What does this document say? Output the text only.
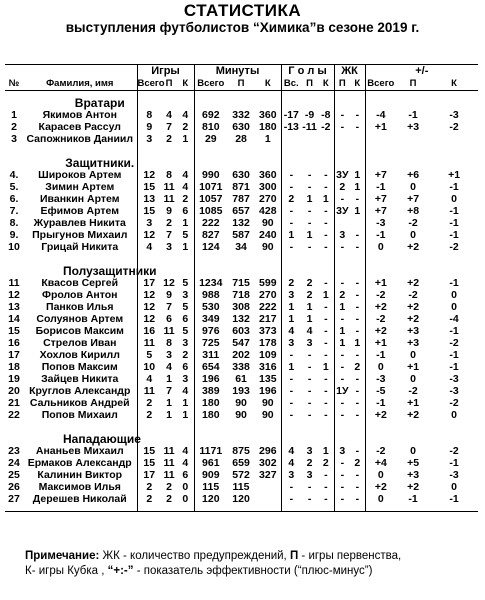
СТАТИСТИКА
выступления футболистов “Химика”в сезоне 2019 г.
		Игры			Минуты			Г о л ы			ЖК		+/-		
№	Фамилия, имя	Всего	П	К	Всего	П	К	Вс.	П	К	П	К	Всего	П	К
	Вратари														
1	Якимов Антон	8	4	4	692	332	360	-17	-9	-8	-	-	-4	-1	-3
2	Карасев Рассул	9	7	2	810	630	180	-13	-11	-2	-	-	+1	+3	-2
3	Сапожников Даниил	3	2	1	29	28	1								

	Защитники.														
4.	Широков Артем	12	8	4	990	630	360	-	-	-	3У	1	+7	+6	+1
5.	Зимин Артем	15	11	4	1071	871	300	-	-	-	2	1	-1	0	-1
6.	Иванкин Артем	13	11	2	1057	787	270	2	1	1	-	-	+7	+7	0
7.	Ефимов Артем	15	9	6	1085	657	428	-	-	-	3У	1	+7	+8	-1
8.	Журавлев Никита	3	2	1	222	132	90	-	-	-			-3	-2	-1
9.	Прыгунов Михаил	12	7	5	827	587	240	1	1	-	3	-	-1	0	-1
10	Грицай Никита	4	3	1	124	34	90	-	-	-	-	-	0	+2	-2

	Полузащитники														
11	Квасов Сергей	17	12	5	1234	715	599	2	2	-	-	-	+1	+2	-1
12	Фролов Антон	12	9	3	988	718	270	3	2	1	2	-	-2	-2	0
13	Панков Илья	12	7	5	530	308	222	1	1	-	1	-	+2	+2	0
14	Солуянов Артем	12	6	6	349	132	217	1	1	-	-	-	-2	+2	-4
15	Борисов Максим	16	11	5	976	603	373	4	4	-	1	-	+2	+3	-1
16	Стрелов Иван	11	8	3	725	547	178	3	3	-	1	1	+1	+3	-2
17	Хохлов Кирилл	5	3	2	311	202	109	-	-	-	-	-	-1	0	-1
18	Попов Максим	10	4	6	654	338	316	1	-	1	-	2	0	+1	-1
19	Зайцев Никита	4	1	3	196	61	135	-	-	-	-	-	-3	0	-3
20	Круглов Александр	11	7	4	389	193	196	-	-	-	1У	-	-5	-2	-3
21	Сальников Андрей	2	1	1	180	90	90	-	-	-	-	-	-1	+1	-2
22	Попов Михаил	2	1	1	180	90	90	-	-	-	-	-	+2	+2	0

	Нападающие														
23	Ананьев Михаил	15	11	4	1171	875	296	4	3	1	3	-	-2	0	-2
24	Ермаков Александр	15	11	4	961	659	302	4	2	2	-	2	+4	+5	-1
25	Калинин Виктор	17	11	6	909	572	327	3	3	-	-	-	0	+3	-3
26	Максимов Илья	2	2	0	115	115		-	-	-	-	-	+2	+2	0
27	Дерешев Николай	2	2	0	120	120		-	-	-	-	-	0	-1	-1

Примечание: ЖК - количество предупреждений, П - игры первенства,
К- игры Кубка , “+:-” - показатель эффективности (“плюс-минус”)
